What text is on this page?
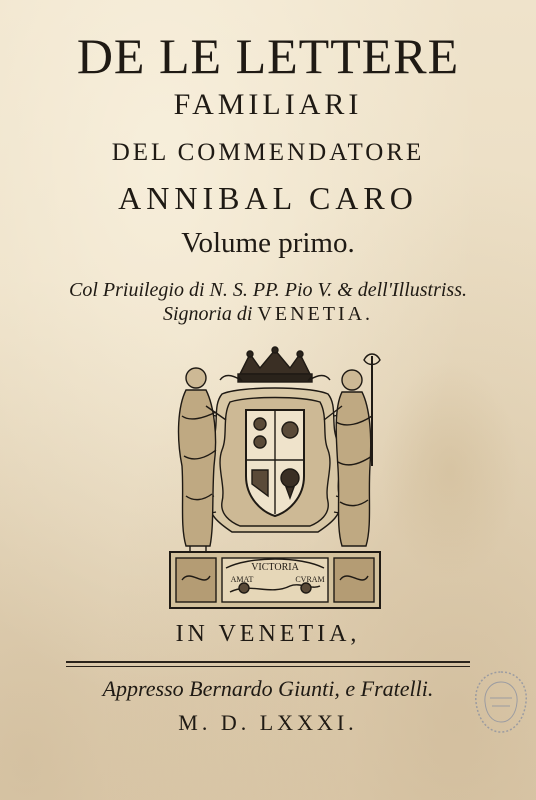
DE LE LETTERE
FAMILIARI
DEL COMMENDATORE
ANNIBAL CARO
Volume primo.
Col Priuilegio di N. S. PP. Pio V. & dell'Illustriss.
Signoria di VENETIA.
VICTORIA
AMAT	CVRAM
IN VENETIA,
Appresso Bernardo Giunti, e Fratelli.
M. D. LXXXI.
